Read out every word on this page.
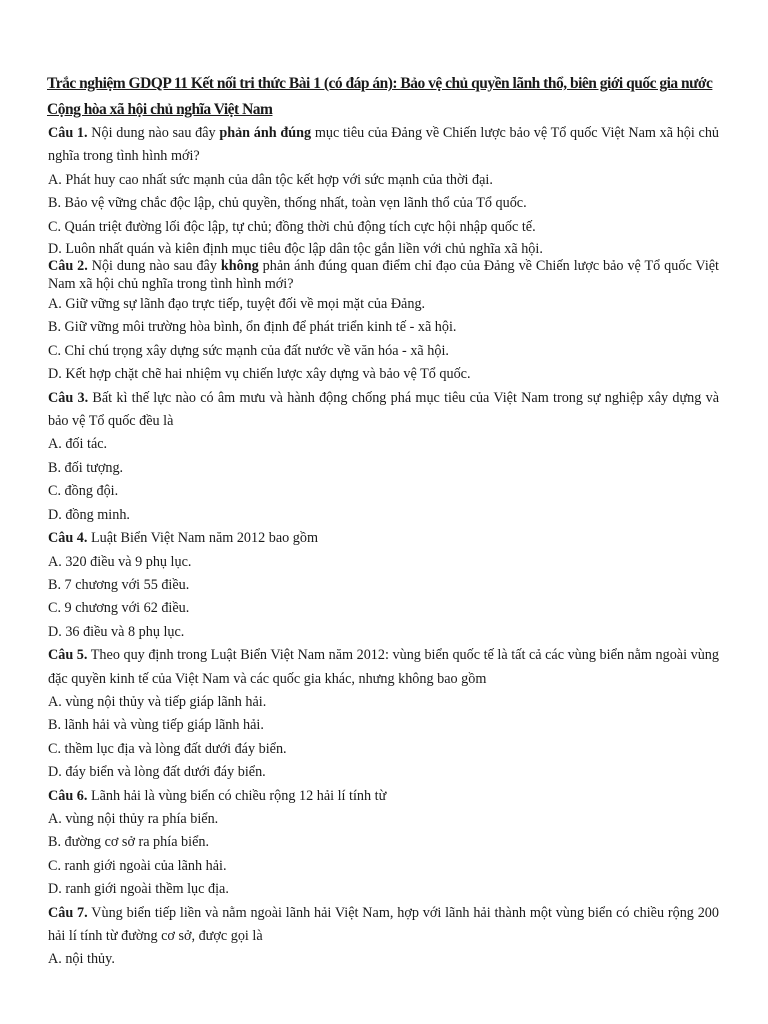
Trắc nghiệm GDQP 11 Kết nối tri thức Bài 1 (có đáp án): Bảo vệ chủ quyền lãnh thổ, biên giới quốc gia nước Cộng hòa xã hội chủ nghĩa Việt Nam
Câu 1. Nội dung nào sau đây phản ánh đúng mục tiêu của Đảng về Chiến lược bảo vệ Tổ quốc Việt Nam xã hội chủ nghĩa trong tình hình mới?
A. Phát huy cao nhất sức mạnh của dân tộc kết hợp với sức mạnh của thời đại.
B. Bảo vệ vững chắc độc lập, chủ quyền, thống nhất, toàn vẹn lãnh thổ của Tổ quốc.
C. Quán triệt đường lối độc lập, tự chủ; đồng thời chủ động tích cực hội nhập quốc tế.
D. Luôn nhất quán và kiên định mục tiêu độc lập dân tộc gắn liền với chủ nghĩa xã hội.
Câu 2. Nội dung nào sau đây không phản ánh đúng quan điểm chỉ đạo của Đảng về Chiến lược bảo vệ Tổ quốc Việt Nam xã hội chủ nghĩa trong tình hình mới?
A. Giữ vững sự lãnh đạo trực tiếp, tuyệt đối về mọi mặt của Đảng.
B. Giữ vững môi trường hòa bình, ổn định để phát triển kinh tế - xã hội.
C. Chỉ chú trọng xây dựng sức mạnh của đất nước về văn hóa - xã hội.
D. Kết hợp chặt chẽ hai nhiệm vụ chiến lược xây dựng và bảo vệ Tổ quốc.
Câu 3. Bất kì thế lực nào có âm mưu và hành động chống phá mục tiêu của Việt Nam trong sự nghiệp xây dựng và bảo vệ Tổ quốc đều là
A. đối tác.
B. đối tượng.
C. đồng đội.
D. đồng minh.
Câu 4. Luật Biển Việt Nam năm 2012 bao gồm
A. 320 điều và 9 phụ lục.
B. 7 chương với 55 điều.
C. 9 chương với 62 điều.
D. 36 điều và 8 phụ lục.
Câu 5. Theo quy định trong Luật Biển Việt Nam năm 2012: vùng biển quốc tế là tất cả các vùng biển nằm ngoài vùng đặc quyền kinh tế của Việt Nam và các quốc gia khác, nhưng không bao gồm
A. vùng nội thủy và tiếp giáp lãnh hải.
B. lãnh hải và vùng tiếp giáp lãnh hải.
C. thềm lục địa và lòng đất dưới đáy biển.
D. đáy biển và lòng đất dưới đáy biển.
Câu 6. Lãnh hải là vùng biển có chiều rộng 12 hải lí tính từ
A. vùng nội thủy ra phía biển.
B. đường cơ sở ra phía biển.
C. ranh giới ngoài của lãnh hải.
D. ranh giới ngoài thềm lục địa.
Câu 7. Vùng biển tiếp liền và nằm ngoài lãnh hải Việt Nam, hợp với lãnh hải thành một vùng biển có chiều rộng 200 hải lí tính từ đường cơ sở, được gọi là
A. nội thủy.
